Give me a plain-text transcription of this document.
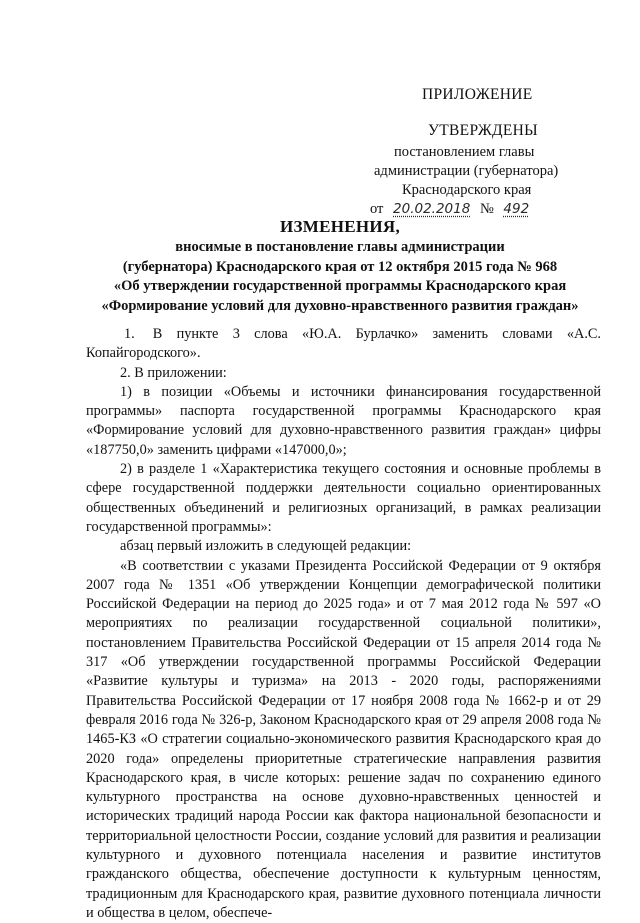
ПРИЛОЖЕНИЕ
УТВЕРЖДЕНЫ
постановлением главы
администрации (губернатора)
Краснодарского края
от 20.02.2018 № 492
ИЗМЕНЕНИЯ,
вносимые в постановление главы администрации
(губернатора) Краснодарского края от 12 октября 2015 года № 968
«Об утверждении государственной программы Краснодарского края
«Формирование условий для духовно-нравственного развития граждан»

1. В пункте 3 слова «Ю.А. Бурлачко» заменить словами «А.С. Копайгородского».

2. В приложении:

1) в позиции «Объемы и источники финансирования государственной программы» паспорта государственной программы Краснодарского края «Формирование условий для духовно-нравственного развития граждан» цифры «187750,0» заменить цифрами «147000,0»;

2) в разделе 1 «Характеристика текущего состояния и основные проблемы в сфере государственной поддержки деятельности социально ориентированных общественных объединений и религиозных организаций, в рамках реализации государственной программы»:

абзац первый изложить в следующей редакции:

«В соответствии с указами Президента Российской Федерации от 9 октября 2007 года № 1351 «Об утверждении Концепции демографической политики Российской Федерации на период до 2025 года» и от 7 мая 2012 года № 597 «О мероприятиях по реализации государственной социальной политики», постановлением Правительства Российской Федерации от 15 апреля 2014 года № 317 «Об утверждении государственной программы Российской Федерации «Развитие культуры и туризма» на 2013 - 2020 годы, распоряжениями Правительства Российской Федерации от 17 ноября 2008 года № 1662-р и от 29 февраля 2016 года № 326-р, Законом Краснодарского края от 29 апреля 2008 года № 1465-КЗ «О стратегии социально-экономического развития Краснодарского края до 2020 года» определены приоритетные стратегические направления развития Краснодарского края, в числе которых: решение задач по сохранению единого культурного пространства на основе духовно-нравственных ценностей и исторических традиций народа России как фактора национальной безопасности и территориальной целостности России, создание условий для развития и реализации культурного и духовного потенциала населения и развитие институтов гражданского общества, обеспечение доступности к культурным ценностям, традиционным для Краснодарского края, развитие духовного потенциала личности и общества в целом, обеспече-
